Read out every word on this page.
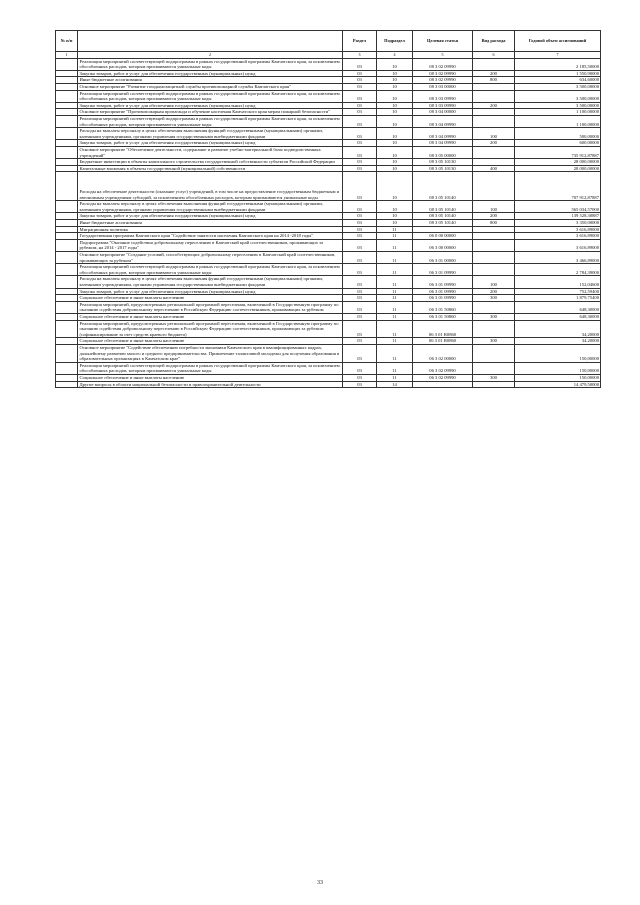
№ п/п		Раздел	Подраздел	Целевая статья	Вид расхода	Годовой объем ассигнований
1	2	3	4	5	6	7
	Реализация мероприятий соответствующей подпрограммы в рамках государственной программы Камчатского края, за исключением обособленных расходов, которым присваиваются уникальные коды	03	10	08 3 02 09990		2 185,50000
	Закупка товаров, работ и услуг для обеспечения государственных (муниципальных) нужд	03	10	08 3 02 09990	200	1 550,90000
	Иные бюджетные ассигнования	03	10	08 3 02 09990	800	634,60000
	Основное мероприятие "Развитие газодымозащитной службы противопожарной службы Камчатского края"	03	10	08 3 03 00000		3 500,00000
	Реализация мероприятий соответствующей подпрограммы в рамках государственной программы Камчатского края, за исключением обособленных расходов, которым присваиваются уникальные коды	03	10	08 3 03 09990		3 500,00000
	Закупка товаров, работ и услуг для обеспечения государственных (муниципальных) нужд	03	10	08 3 03 09990	200	3 500,00000
	Основное мероприятие "Противопожарная пропаганда и обучение населения Камчатского края мерам пожарной безопасности"	03	10	08 3 04 00000		1 100,00000
	Реализация мероприятий соответствующей подпрограммы в рамках государственной программы Камчатского края, за исключением обособленных расходов, которым присваиваются уникальные коды	03	10	08 3 04 09990		1 100,00000
	Расходы на выплаты персоналу в целях обеспечения выполнения функций государственными (муниципальными) органами, казенными учреждениями, органами управления государственными внебюджетными фондами	03	10	08 3 04 09990	100	500,00000
	Закупка товаров, работ и услуг для обеспечения государственных (муниципальных) нужд	03	10	08 3 04 09990	200	600,00000
	Основное мероприятие "Обеспечение деятельности, содержание и развитие учебно-материальной базы подведомственных учреждений"	03	10	08 3 05 00000		735 912,87887
	Бюджетные инвестиции в объекты капитального строительства государственной собственности субъектов Российской Федерации	03	10	08 3 05 10130		28 000,00000
	Капитальные вложения в объекты государственной (муниципальной) собственности	03	10	08 3 05 10130	400	28 000,00000
	Расходы на обеспечение деятельности (оказание услуг) учреждений, в том числе на предоставление государственным бюджетным и автономным учреждениям субсидий, за исключением обособленных расходов, которым присваиваются уникальные коды	03	10	08 3 05 10140		707 912,87887
	Расходы на выплаты персоналу в целях обеспечения выполнения функций государственными (муниципальными) органами, казенными учреждениями, органами управления государственными внебюджетными фондами	03	10	08 3 05 10140	100	565 034,57000
	Закупка товаров, работ и услуг для обеспечения государственных (муниципальных) нужд	03	10	08 3 05 10140	200	139 528,30887
	Иные бюджетные ассигнования	03	10	08 3 05 10140	800	3 350,00000
	Миграционная политика	03	11			3 616,89000
	Государственная программа Камчатского края "Содействие занятости населения Камчатского края на 2014 -2018 годы"	03	11	06 0 00 00000		3 616,89000
	Подпрограмма "Оказание содействия добровольному переселению в Камчатский край соотечественников, проживающих за рубежом, на 2014 - 2017 годы"	03	11	06 3 00 00000		3 616,89000
	Основное мероприятие "Создание условий, способствующих добровольному переселению в Камчатский край соотечественников, проживающих за рубежом"	03	11	06 3 01 00000		3 466,89000
	Реализация мероприятий соответствующей подпрограммы в рамках государственной программы Камчатского края, за исключением обособленных расходов, которым присваиваются уникальные коды	03	11	06 3 01 09990		2 784,39000
	Расходы на выплаты персоналу в целях обеспечения выполнения функций государственными (муниципальными) органами, казенными учреждениями, органами управления государственными внебюджетными фондами	03	11	06 3 01 09990	100	152,04600
	Закупка товаров, работ и услуг для обеспечения государственных (муниципальных) нужд	03	11	06 3 01 09990	200	752,59400
	Социальное обеспечение и иные выплаты населению	03	11	06 3 01 09990	300	1 879,75400
	Реализация мероприятий, предусмотренных региональной программой переселения, включенной в Государственную программу по оказанию содействия добровольному переселению в Российскую Федерацию соотечественников, проживающих за рубежом	03	11	06 3 01 50860		648,30000
	Социальное обеспечение и иные выплаты населению	03	11	06 3 01 50860	300	648,30000
	Реализация мероприятий, предусмотренных региональной программой переселения, включенной в Государственную программу по оказанию содействия добровольному переселению в Российскую Федерацию соотечественников, проживающих за рубежом (софинансирование за счет средств краевого бюджета)	03	11	06 3 01 R0860		34,20000
	Социальное обеспечение и иные выплаты населению	03	11	06 3 01 R0860	300	34,20000
	Основное мероприятие "Содействие обеспечению потребности экономики Камчатского края в квалифицированных кадрах, дальнейшему развитию малого и среднего предпринимательства. Привлечение талантливой молодежи для получения образования в образовательных организациях в Камчатском крае"	03	11	06 3 02 00000		150,00000
	Реализация мероприятий соответствующей подпрограммы в рамках государственной программы Камчатского края, за исключением обособленных расходов, которым присваиваются уникальные коды	03	11	06 3 02 09990		150,00000
	Социальное обеспечение и иные выплаты населению	03	11	06 3 02 09990	300	150,00000
	Другие вопросы в области национальной безопасности и правоохранительной деятельности	03	14			14 479,50000
33
